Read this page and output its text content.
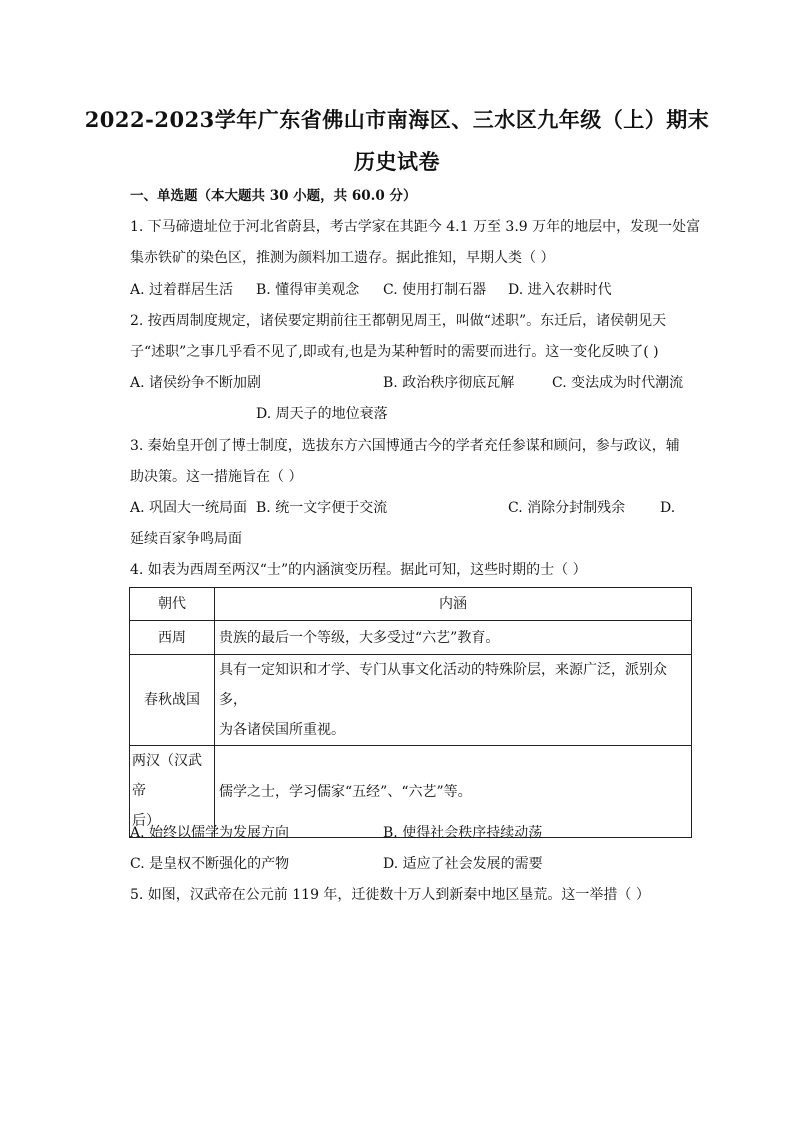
2022-2023学年广东省佛山市南海区、三水区九年级（上）期末
历史试卷
一、单选题（本大题共 30 小题，共 60.0 分）
1. 下马碲遗址位于河北省蔚县，考古学家在其距今 4.1 万至 3.9 万年的地层中，发现一处富
集赤铁矿的染色区，推测为颜料加工遗存。据此推知，早期人类（ ）
A. 过着群居生活 B. 懂得审美观念 C. 使用打制石器 D. 进入农耕时代
2. 按西周制度规定，诸侯要定期前往王都朝见周王，叫做“述职”。东迁后，诸侯朝见天
子“述职”之事几乎看不见了,即或有,也是为某种暂时的需要而进行。这一变化反映了( )
A. 诸侯纷争不断加剧	B. 政治秩序彻底瓦解	C. 变法成为时代潮流
D. 周天子的地位衰落
3. 秦始皇开创了博士制度，选拔东方六国博通古今的学者充任参谋和顾问，参与政议，辅
助决策。这一措施旨在（ ）
A. 巩固大一统局面 B. 统一文字便于交流	C. 消除分封制残余 D.
延续百家争鸣局面
4. 如表为西周至两汉“士”的内涵演变历程。据此可知，这些时期的士（ ）
朝代	内涵
西周	贵族的最后一个等级，大多受过“六艺”教育。
春秋战国	具有一定知识和才学、专门从事文化活动的特殊阶层，来源广泛，派别众多，
为各诸侯国所重视。

两汉（汉武帝
后）	儒学之士，学习儒家“五经”、“六艺”等。
A. 始终以儒学为发展方向	B. 使得社会秩序持续动荡
C. 是皇权不断强化的产物	D. 适应了社会发展的需要
5. 如图，汉武帝在公元前 119 年，迁徙数十万人到新秦中地区垦荒。这一举措（ ）
